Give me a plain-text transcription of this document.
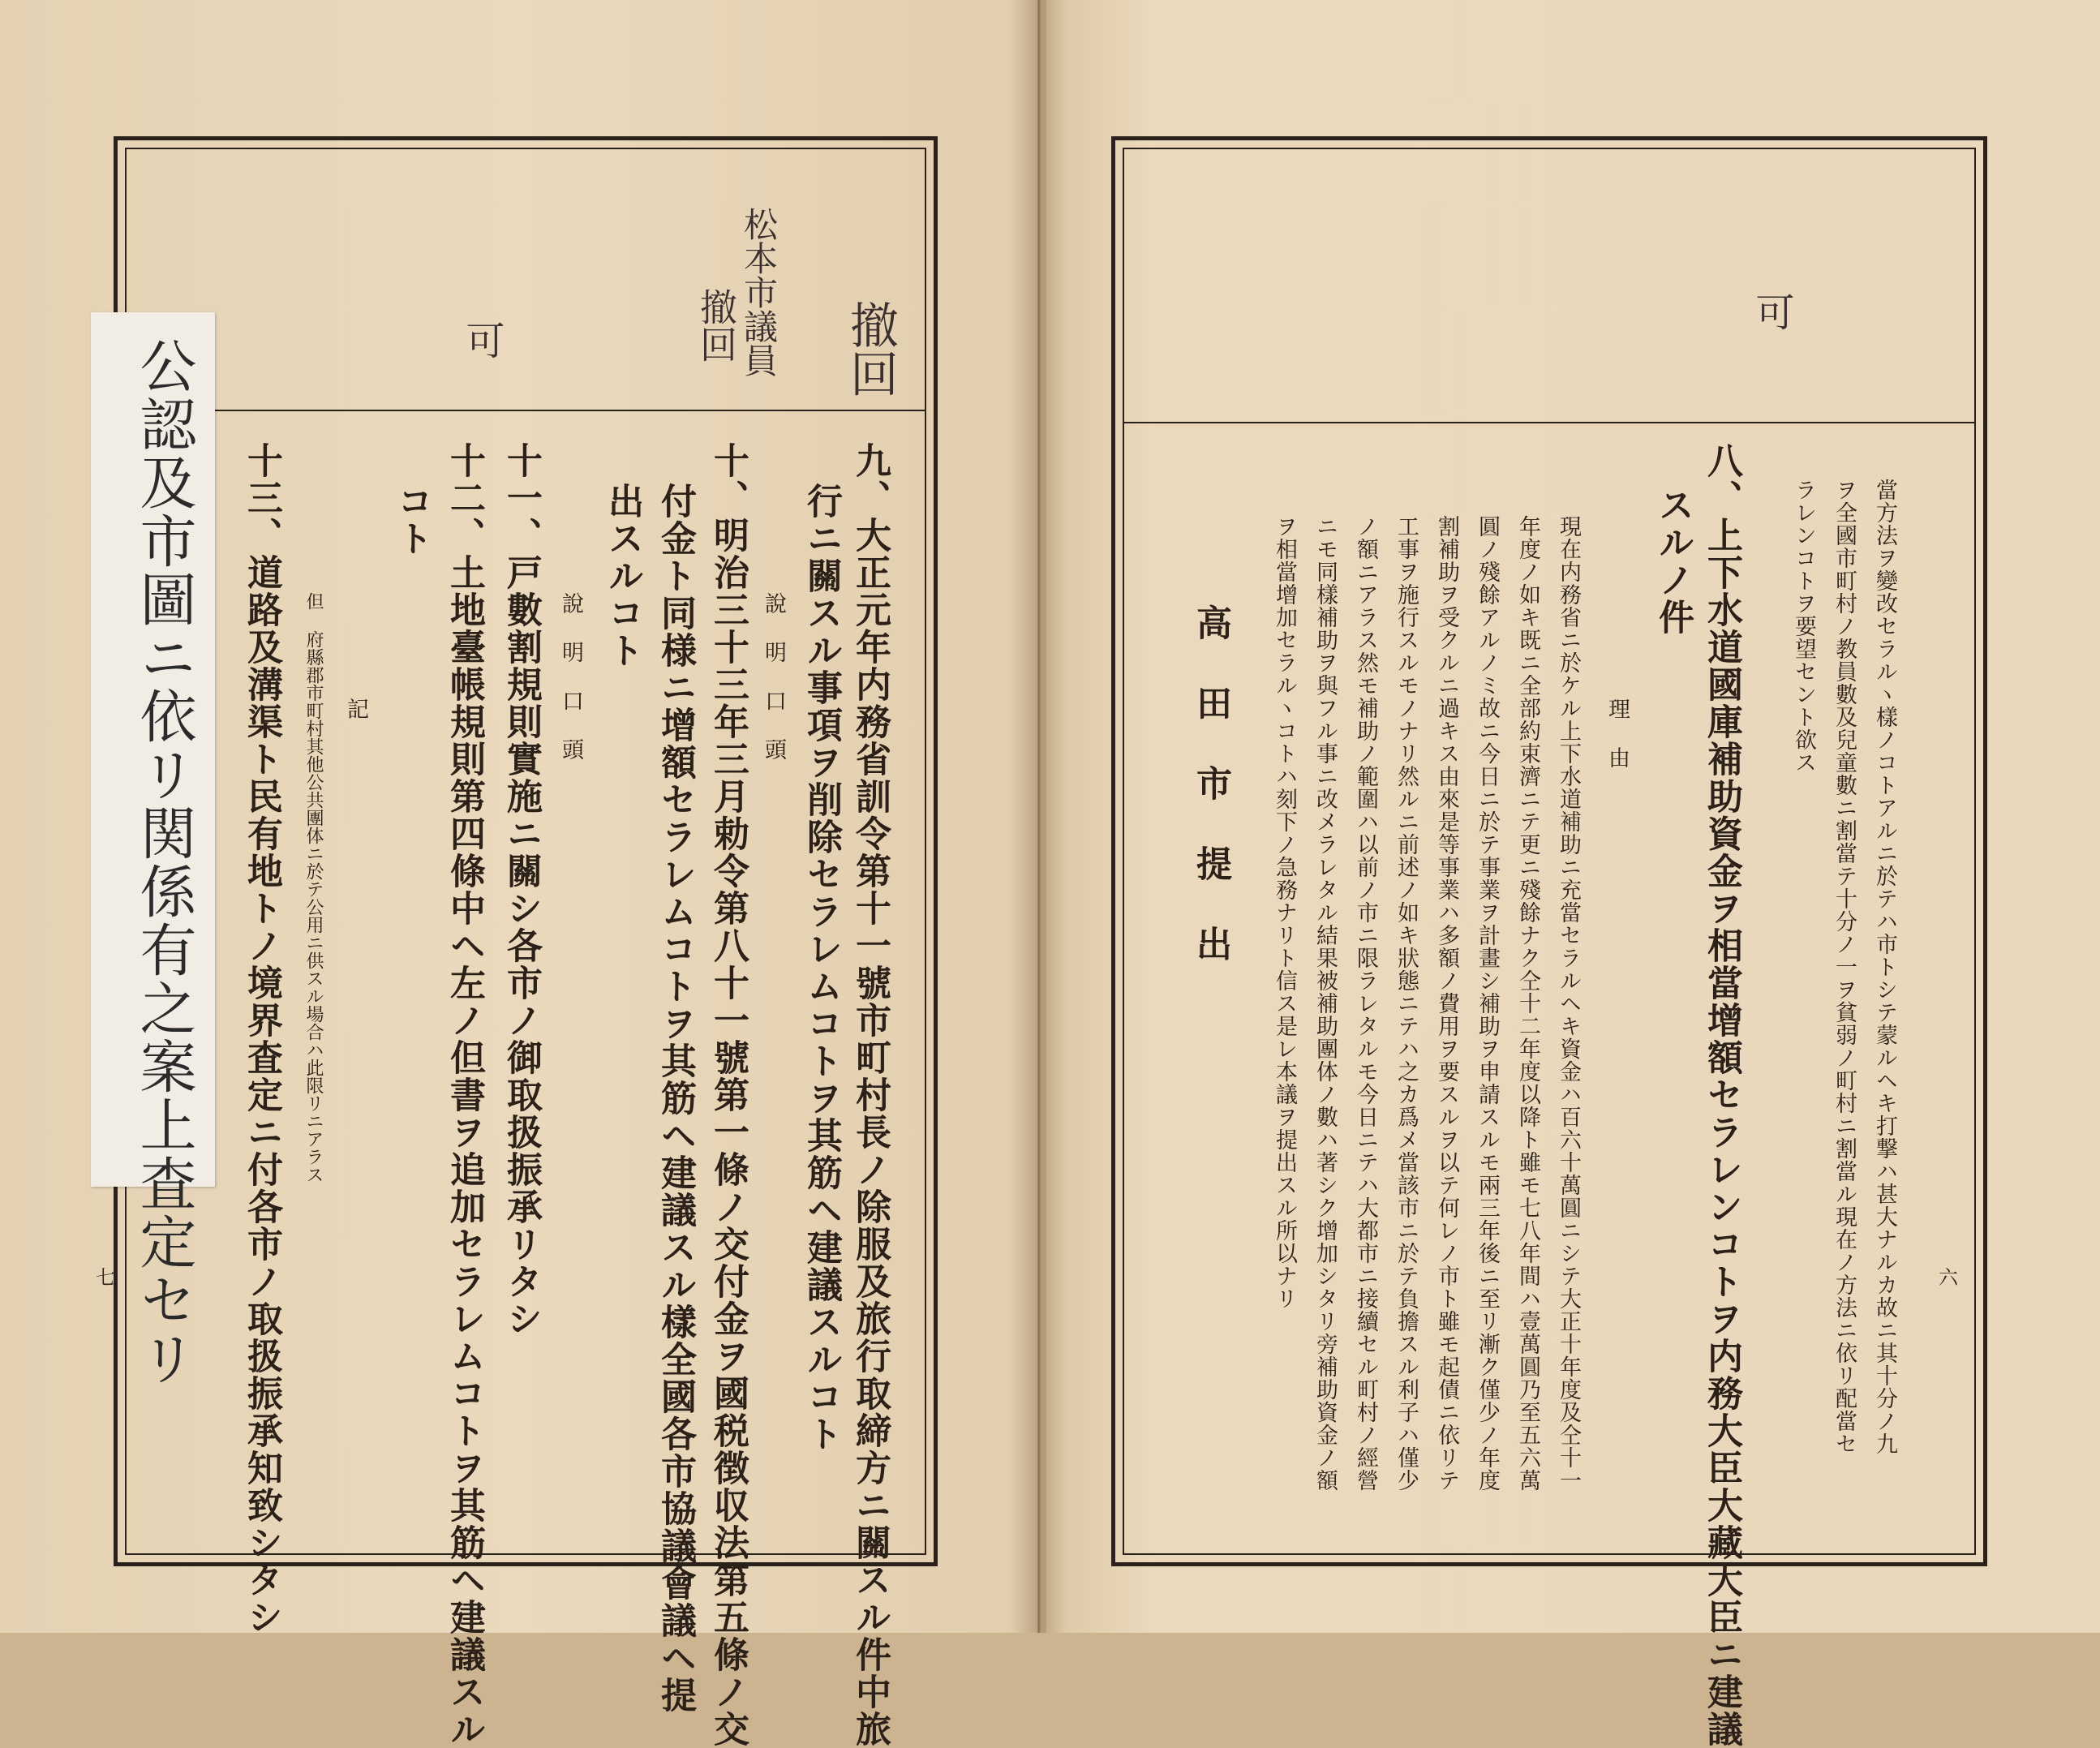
可	撤回
松本市議員
撤回
九、大正元年内務省訓令第十一號市町村長ノ除服及旅行取締方ニ關スル件中旅
行ニ關スル事項ヲ削除セラレムコトヲ其筋ヘ建議スルコト
說 明 口 頭
十、明治三十三年三月勅令第八十一號第一條ノ交付金ヲ國税徴収法第五條ノ交
付金ト同様ニ增額セラレムコトヲ其筋ヘ建議スル樣全國各市協議會議ヘ提
出スルコト
說 明 口 頭
十一、戸數割規則實施ニ關シ各市ノ御取扱振承リタシ
十二、土地臺帳規則第四條中ヘ左ノ但書ヲ追加セラレムコトヲ其筋ヘ建議スル
コト
記
但 府縣郡市町村其他公共團体ニ於テ公用ニ供スル場合ハ此限リニアラス
十三、道路及溝渠ト民有地トノ境界査定ニ付各市ノ取扱振承知致シタシ
七 公認及市圖ニ依リ関係有之案上査定セリ
可
當方法ヲ變改セラルヽ樣ノコトアルニ於テハ市トシテ蒙ルヘキ打撃ハ甚大ナルカ故ニ其十分ノ九
ヲ全國市町村ノ教員數及兒童數ニ割當テ十分ノ一ヲ貧弱ノ町村ニ割當ル現在ノ方法ニ依リ配當セ
ラレンコトヲ要望セント欲ス
八、上下水道國庫補助資金ヲ相當增額セラレンコトヲ内務大臣大藏大臣ニ建議
スルノ件
理 由
現在内務省ニ於ケル上下水道補助ニ充當セラルヘキ資金ハ百六十萬圓ニシテ大正十年度及仝十一
年度ノ如キ既ニ全部約束濟ニテ更ニ殘餘ナク仝十二年度以降ト雖モ七八年間ハ壹萬圓乃至五六萬
圓ノ殘餘アルノミ故ニ今日ニ於テ事業ヲ計畫シ補助ヲ申請スルモ兩三年後ニ至リ漸ク僅少ノ年度
割補助ヲ受クルニ過キス由來是等事業ハ多額ノ費用ヲ要スルヲ以テ何レノ市ト雖モ起債ニ依リテ
工事ヲ施行スルモノナリ然ルニ前述ノ如キ狀態ニテハ之カ爲メ當該市ニ於テ負擔スル利子ハ僅少
ノ額ニアラス然モ補助ノ範圍ハ以前ノ市ニ限ラレタルモ今日ニテハ大都市ニ接續セル町村ノ經營
ニモ同樣補助ヲ與フル事ニ改メラレタル結果被補助團体ノ數ハ著シク增加シタリ旁補助資金ノ額
ヲ相當增加セラルヽコトハ刻下ノ急務ナリト信ス是レ本議ヲ提出スル所以ナリ
高 田 市 提 出
六
